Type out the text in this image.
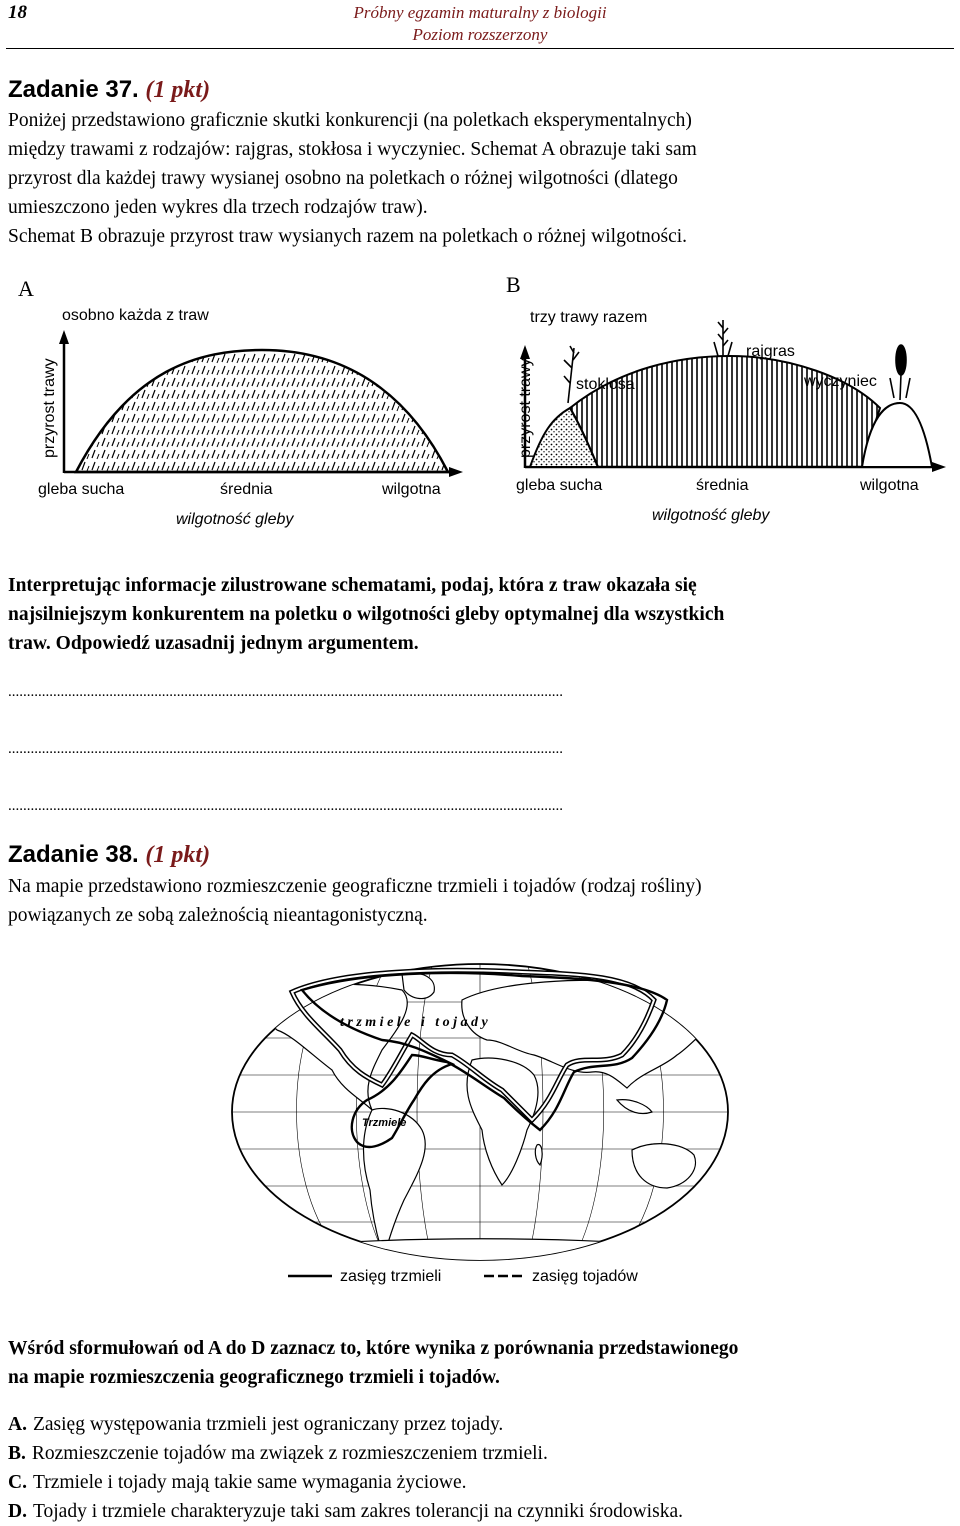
18	Próbny egzamin maturalny z biologii
Poziom rozszerzony
Zadanie 37. (1 pkt)
Poniżej przedstawiono graficznie skutki konkurencji (na poletkach eksperymentalnych)
między trawami z rodzajów: rajgras, stokłosa i wyczyniec. Schemat A obrazuje taki sam
przyrost dla każdej trawy wysianej osobno na poletkach o różnej wilgotności (dlatego
umieszczono jeden wykres dla trzech rodzajów traw).
Schemat B obrazuje przyrost traw wysianych razem na poletkach o różnej wilgotności.
A
osobno każda z traw
przyrost trawy
gleba sucha	średnia	wilgotna
wilgotność gleby
B
trzy trawy razem
przyrost trawy	stokłosa
rajgras
wyczyniec
gleba sucha	średnia	wilgotna
wilgotność gleby
Interpretując informacje zilustrowane schematami, podaj, która z traw okazała się
najsilniejszym konkurentem na poletku o wilgotności gleby optymalnej dla wszystkich
traw. Odpowiedź uzasadnij jednym argumentem.
....................................................................................................................................................
....................................................................................................................................................
....................................................................................................................................................
Zadanie 38. (1 pkt)
Na mapie przedstawiono rozmieszczenie geograficzne trzmieli i tojadów (rodzaj rośliny)
powiązanych ze sobą zależnością nieantagonistyczną.
t r z m i e l e   i   t o j a d y
Trzmiele
zasięg trzmieli	zasięg tojadów
Wśród sformułowań od A do D zaznacz to, które wynika z porównania przedstawionego
na mapie rozmieszczenia geograficznego trzmieli i tojadów.
A. Zasięg występowania trzmieli jest ograniczany przez tojady.
B. Rozmieszczenie tojadów ma związek z rozmieszczeniem trzmieli.
C. Trzmiele i tojady mają takie same wymagania życiowe.
D. Tojady i trzmiele charakteryzuje taki sam zakres tolerancji na czynniki środowiska.
